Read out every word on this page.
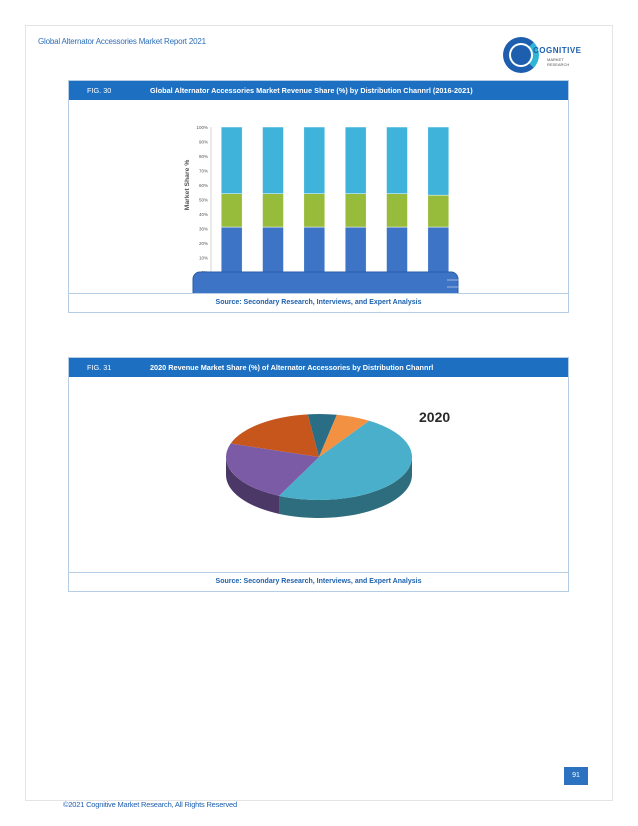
Global Alternator Accessories Market Report 2021
COGNITIVE
MARKET
RESEARCH
FIG. 30	Global Alternator Accessories Market Revenue Share (%) by Distribution Channrl (2016-2021)
10%
20%
30%
40%
50%
60%
70%
80%
90%
100%
Market Share %
Source: Secondary Research, Interviews, and Expert Analysis
FIG. 31	2020 Revenue Market Share (%) of Alternator Accessories by Distribution Channrl
2020
Source: Secondary Research, Interviews, and Expert Analysis
91
©2021 Cognitive Market Research, All Rights Reserved
